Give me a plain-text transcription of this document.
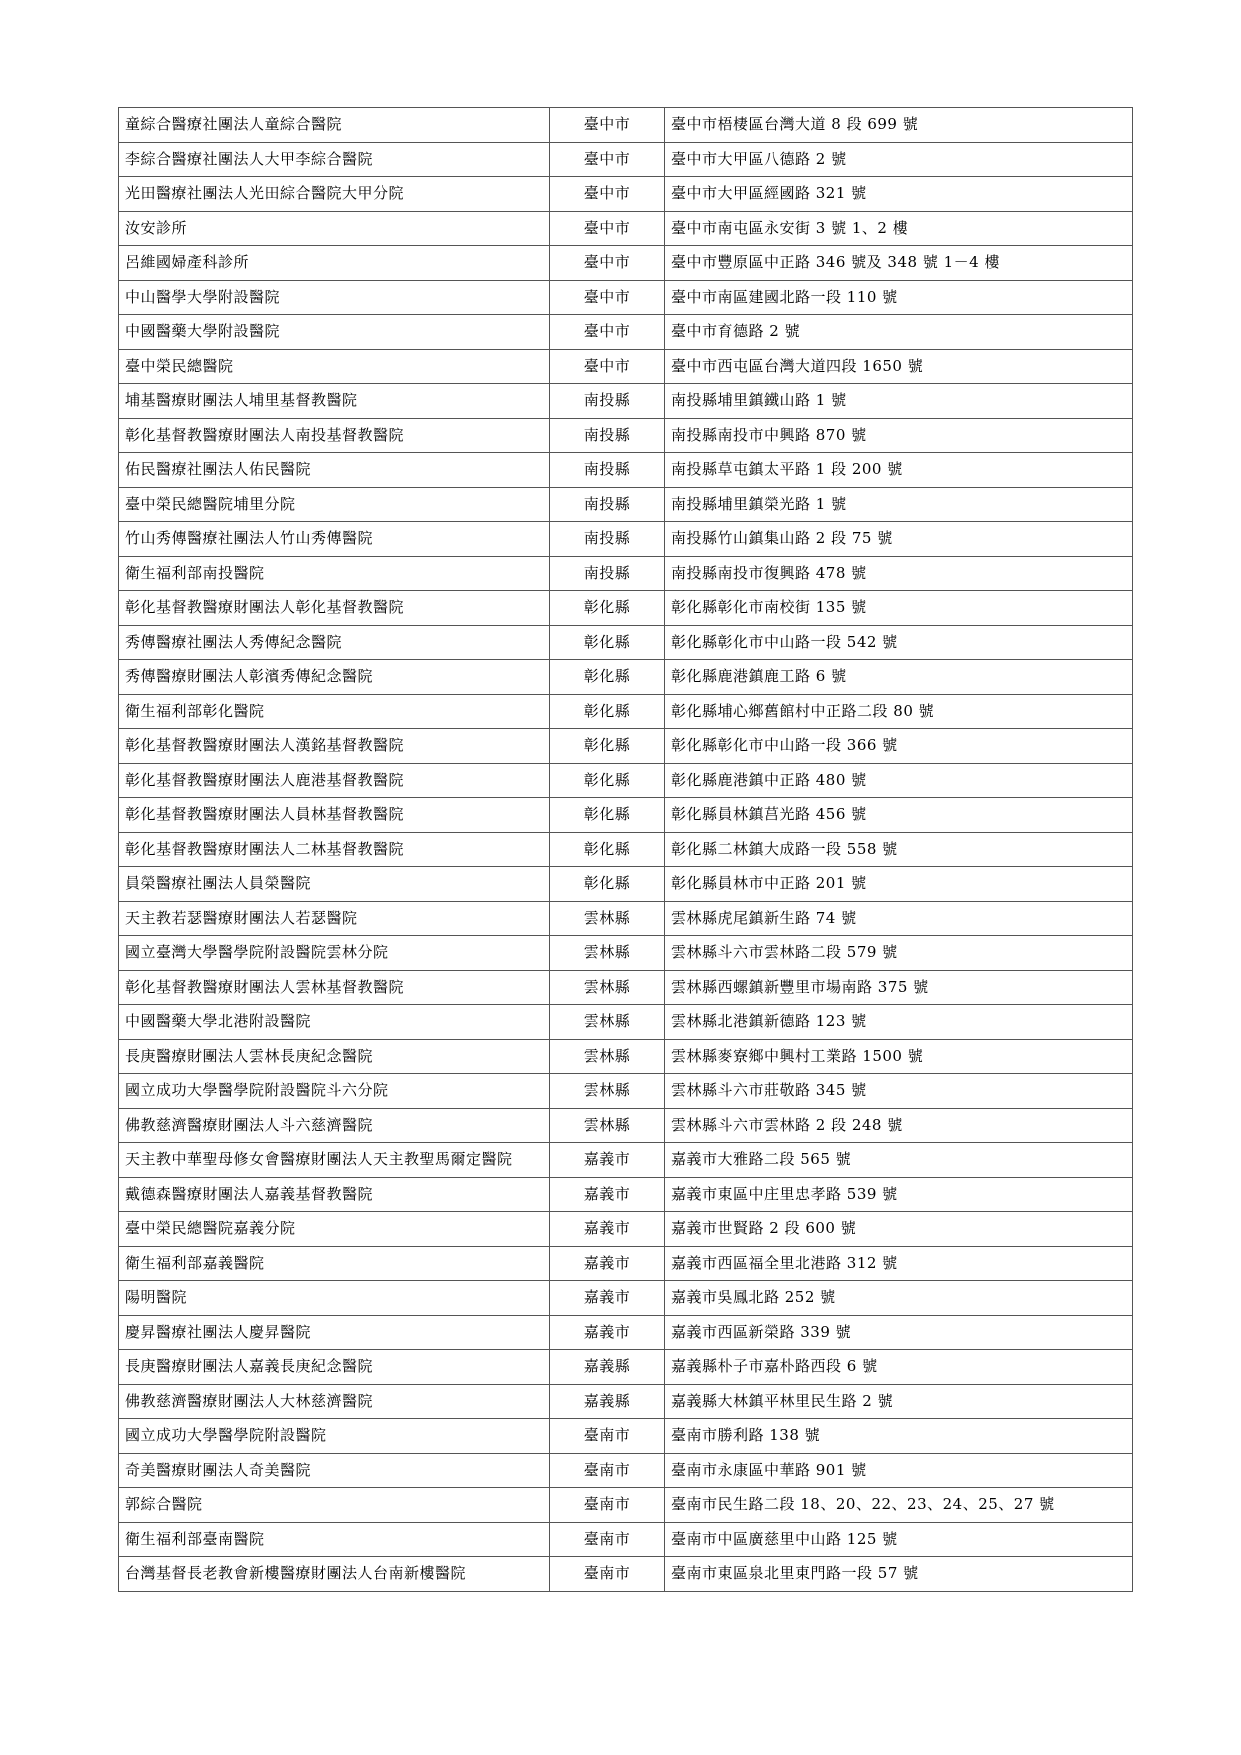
童綜合醫療社團法人童綜合醫院	臺中市	臺中市梧棲區台灣大道 8 段 699 號
李綜合醫療社團法人大甲李綜合醫院	臺中市	臺中市大甲區八德路 2 號
光田醫療社團法人光田綜合醫院大甲分院	臺中市	臺中市大甲區經國路 321 號
汝安診所	臺中市	臺中市南屯區永安街 3 號 1、2 樓
呂維國婦產科診所	臺中市	臺中市豐原區中正路 346 號及 348 號 1－4 樓
中山醫學大學附設醫院	臺中市	臺中市南區建國北路一段 110 號
中國醫藥大學附設醫院	臺中市	臺中市育德路 2 號
臺中榮民總醫院	臺中市	臺中市西屯區台灣大道四段 1650 號
埔基醫療財團法人埔里基督教醫院	南投縣	南投縣埔里鎮鐵山路 1 號
彰化基督教醫療財團法人南投基督教醫院	南投縣	南投縣南投市中興路 870 號
佑民醫療社團法人佑民醫院	南投縣	南投縣草屯鎮太平路 1 段 200 號
臺中榮民總醫院埔里分院	南投縣	南投縣埔里鎮榮光路 1 號
竹山秀傳醫療社團法人竹山秀傳醫院	南投縣	南投縣竹山鎮集山路 2 段 75 號
衛生福利部南投醫院	南投縣	南投縣南投市復興路 478 號
彰化基督教醫療財團法人彰化基督教醫院	彰化縣	彰化縣彰化市南校街 135 號
秀傳醫療社團法人秀傳紀念醫院	彰化縣	彰化縣彰化市中山路一段 542 號
秀傳醫療財團法人彰濱秀傳紀念醫院	彰化縣	彰化縣鹿港鎮鹿工路 6 號
衛生福利部彰化醫院	彰化縣	彰化縣埔心鄉舊館村中正路二段 80 號
彰化基督教醫療財團法人漢銘基督教醫院	彰化縣	彰化縣彰化市中山路一段 366 號
彰化基督教醫療財團法人鹿港基督教醫院	彰化縣	彰化縣鹿港鎮中正路 480 號
彰化基督教醫療財團法人員林基督教醫院	彰化縣	彰化縣員林鎮莒光路 456 號
彰化基督教醫療財團法人二林基督教醫院	彰化縣	彰化縣二林鎮大成路一段 558 號
員榮醫療社團法人員榮醫院	彰化縣	彰化縣員林市中正路 201 號
天主教若瑟醫療財團法人若瑟醫院	雲林縣	雲林縣虎尾鎮新生路 74 號
國立臺灣大學醫學院附設醫院雲林分院	雲林縣	雲林縣斗六市雲林路二段 579 號
彰化基督教醫療財團法人雲林基督教醫院	雲林縣	雲林縣西螺鎮新豐里市場南路 375 號
中國醫藥大學北港附設醫院	雲林縣	雲林縣北港鎮新德路 123 號
長庚醫療財團法人雲林長庚紀念醫院	雲林縣	雲林縣麥寮鄉中興村工業路 1500 號
國立成功大學醫學院附設醫院斗六分院	雲林縣	雲林縣斗六市莊敬路 345 號
佛教慈濟醫療財團法人斗六慈濟醫院	雲林縣	雲林縣斗六市雲林路 2 段 248 號
天主教中華聖母修女會醫療財團法人天主教聖馬爾定醫院	嘉義市	嘉義市大雅路二段 565 號
戴德森醫療財團法人嘉義基督教醫院	嘉義市	嘉義市東區中庄里忠孝路 539 號
臺中榮民總醫院嘉義分院	嘉義市	嘉義市世賢路 2 段 600 號
衛生福利部嘉義醫院	嘉義市	嘉義市西區福全里北港路 312 號
陽明醫院	嘉義市	嘉義市吳鳳北路 252 號
慶昇醫療社團法人慶昇醫院	嘉義市	嘉義市西區新榮路 339 號
長庚醫療財團法人嘉義長庚紀念醫院	嘉義縣	嘉義縣朴子市嘉朴路西段 6 號
佛教慈濟醫療財團法人大林慈濟醫院	嘉義縣	嘉義縣大林鎮平林里民生路 2 號
國立成功大學醫學院附設醫院	臺南市	臺南市勝利路 138 號
奇美醫療財團法人奇美醫院	臺南市	臺南市永康區中華路 901 號
郭綜合醫院	臺南市	臺南市民生路二段 18、20、22、23、24、25、27 號
衛生福利部臺南醫院	臺南市	臺南市中區廣慈里中山路 125 號
台灣基督長老教會新樓醫療財團法人台南新樓醫院	臺南市	臺南市東區泉北里東門路一段 57 號
